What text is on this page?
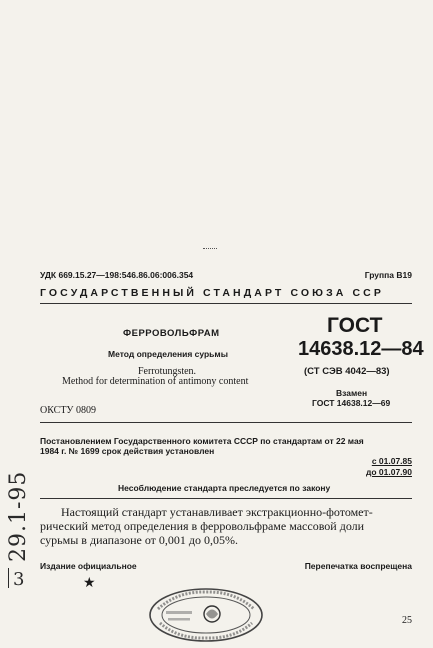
УДК 669.15.27—198:546.86.06:006.354	Группа В19
ГОСУДАРСТВЕННЫЙ СТАНДАРТ СОЮЗА ССР
ФЕРРОВОЛЬФРАМ
Метод определения сурьмы
Ferrotungsten.
Method for determination of antimony content
ГОСТ
14638.12—84
(СТ СЭВ 4042—83)
Взамен
ГОСТ 14638.12—69
ОКСТУ 0809
Постановлением Государственного комитета СССР по стандартам от 22 мая
1984 г. № 1699 срок действия установлен
с 01.07.85
до 01.07.90
Несоблюдение стандарта преследуется по закону
Настоящий стандарт устанавливает экстракционно-фотомет-
рический метод определения в ферровольфраме массовой доли
сурьмы в диапазоне от 0,001 до 0,05%.
Издание официальное
★
Перепечатка воспрещена
25
29.1-95
3
